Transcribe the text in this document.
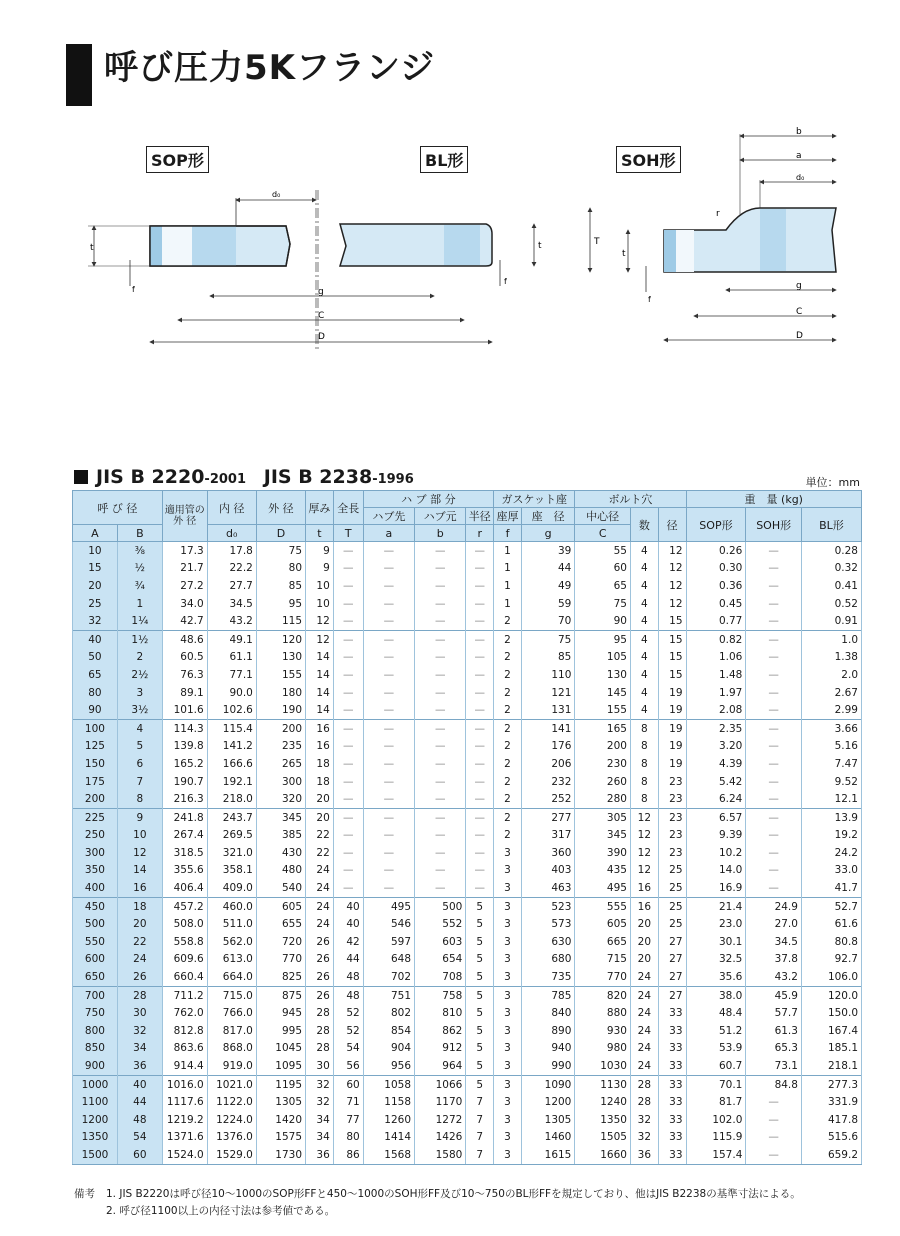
呼び圧力5Kフランジ
SOP形	BL形	SOH形
d₀
t
f	g
C
D
t
f
b
a
d₀
r
T
t
f
g
C
D
JIS B 2220-2001 JIS B 2238-1996	単位：mm
呼 び 径		適用管の外 径	内 径	外 径	厚み	全長	ハ ブ 部 分			ガスケット座		ボルト穴			重　量 (kg)		
							ハブ先	ハブ元	半径	座厚	座　径	中心径	数	径	SOP形	SOH形	BL形
A	B		d₀	D	t	T	a	b	r	f	g	C					
10	⅜	17.3	17.8	75	9	—	—	—	—	1	39	55	4	12	0.26	—	0.28
15	½	21.7	22.2	80	9	—	—	—	—	1	44	60	4	12	0.30	—	0.32
20	¾	27.2	27.7	85	10	—	—	—	—	1	49	65	4	12	0.36	—	0.41
25	1	34.0	34.5	95	10	—	—	—	—	1	59	75	4	12	0.45	—	0.52
32	1¼	42.7	43.2	115	12	—	—	—	—	2	70	90	4	15	0.77	—	0.91
40	1½	48.6	49.1	120	12	—	—	—	—	2	75	95	4	15	0.82	—	1.0
50	2	60.5	61.1	130	14	—	—	—	—	2	85	105	4	15	1.06	—	1.38
65	2½	76.3	77.1	155	14	—	—	—	—	2	110	130	4	15	1.48	—	2.0
80	3	89.1	90.0	180	14	—	—	—	—	2	121	145	4	19	1.97	—	2.67
90	3½	101.6	102.6	190	14	—	—	—	—	2	131	155	4	19	2.08	—	2.99
100	4	114.3	115.4	200	16	—	—	—	—	2	141	165	8	19	2.35	—	3.66
125	5	139.8	141.2	235	16	—	—	—	—	2	176	200	8	19	3.20	—	5.16
150	6	165.2	166.6	265	18	—	—	—	—	2	206	230	8	19	4.39	—	7.47
175	7	190.7	192.1	300	18	—	—	—	—	2	232	260	8	23	5.42	—	9.52
200	8	216.3	218.0	320	20	—	—	—	—	2	252	280	8	23	6.24	—	12.1
225	9	241.8	243.7	345	20	—	—	—	—	2	277	305	12	23	6.57	—	13.9
250	10	267.4	269.5	385	22	—	—	—	—	2	317	345	12	23	9.39	—	19.2
300	12	318.5	321.0	430	22	—	—	—	—	3	360	390	12	23	10.2	—	24.2
350	14	355.6	358.1	480	24	—	—	—	—	3	403	435	12	25	14.0	—	33.0
400	16	406.4	409.0	540	24	—	—	—	—	3	463	495	16	25	16.9	—	41.7
450	18	457.2	460.0	605	24	40	495	500	5	3	523	555	16	25	21.4	24.9	52.7
500	20	508.0	511.0	655	24	40	546	552	5	3	573	605	20	25	23.0	27.0	61.6
550	22	558.8	562.0	720	26	42	597	603	5	3	630	665	20	27	30.1	34.5	80.8
600	24	609.6	613.0	770	26	44	648	654	5	3	680	715	20	27	32.5	37.8	92.7
650	26	660.4	664.0	825	26	48	702	708	5	3	735	770	24	27	35.6	43.2	106.0
700	28	711.2	715.0	875	26	48	751	758	5	3	785	820	24	27	38.0	45.9	120.0
750	30	762.0	766.0	945	28	52	802	810	5	3	840	880	24	33	48.4	57.7	150.0
800	32	812.8	817.0	995	28	52	854	862	5	3	890	930	24	33	51.2	61.3	167.4
850	34	863.6	868.0	1045	28	54	904	912	5	3	940	980	24	33	53.9	65.3	185.1
900	36	914.4	919.0	1095	30	56	956	964	5	3	990	1030	24	33	60.7	73.1	218.1
1000	40	1016.0	1021.0	1195	32	60	1058	1066	5	3	1090	1130	28	33	70.1	84.8	277.3
1100	44	1117.6	1122.0	1305	32	71	1158	1170	7	3	1200	1240	28	33	81.7	—	331.9
1200	48	1219.2	1224.0	1420	34	77	1260	1272	7	3	1305	1350	32	33	102.0	—	417.8
1350	54	1371.6	1376.0	1575	34	80	1414	1426	7	3	1460	1505	32	33	115.9	—	515.6
1500	60	1524.0	1529.0	1730	36	86	1568	1580	7	3	1615	1660	36	33	157.4	—	659.2
備考 1. JIS B2220は呼び径10～1000のSOP形FFと450～1000のSOH形FF及び10～750のBL形FFを規定しており、他はJIS B2238の基準寸法による。
2. 呼び径1100以上の内径寸法は参考値である。
